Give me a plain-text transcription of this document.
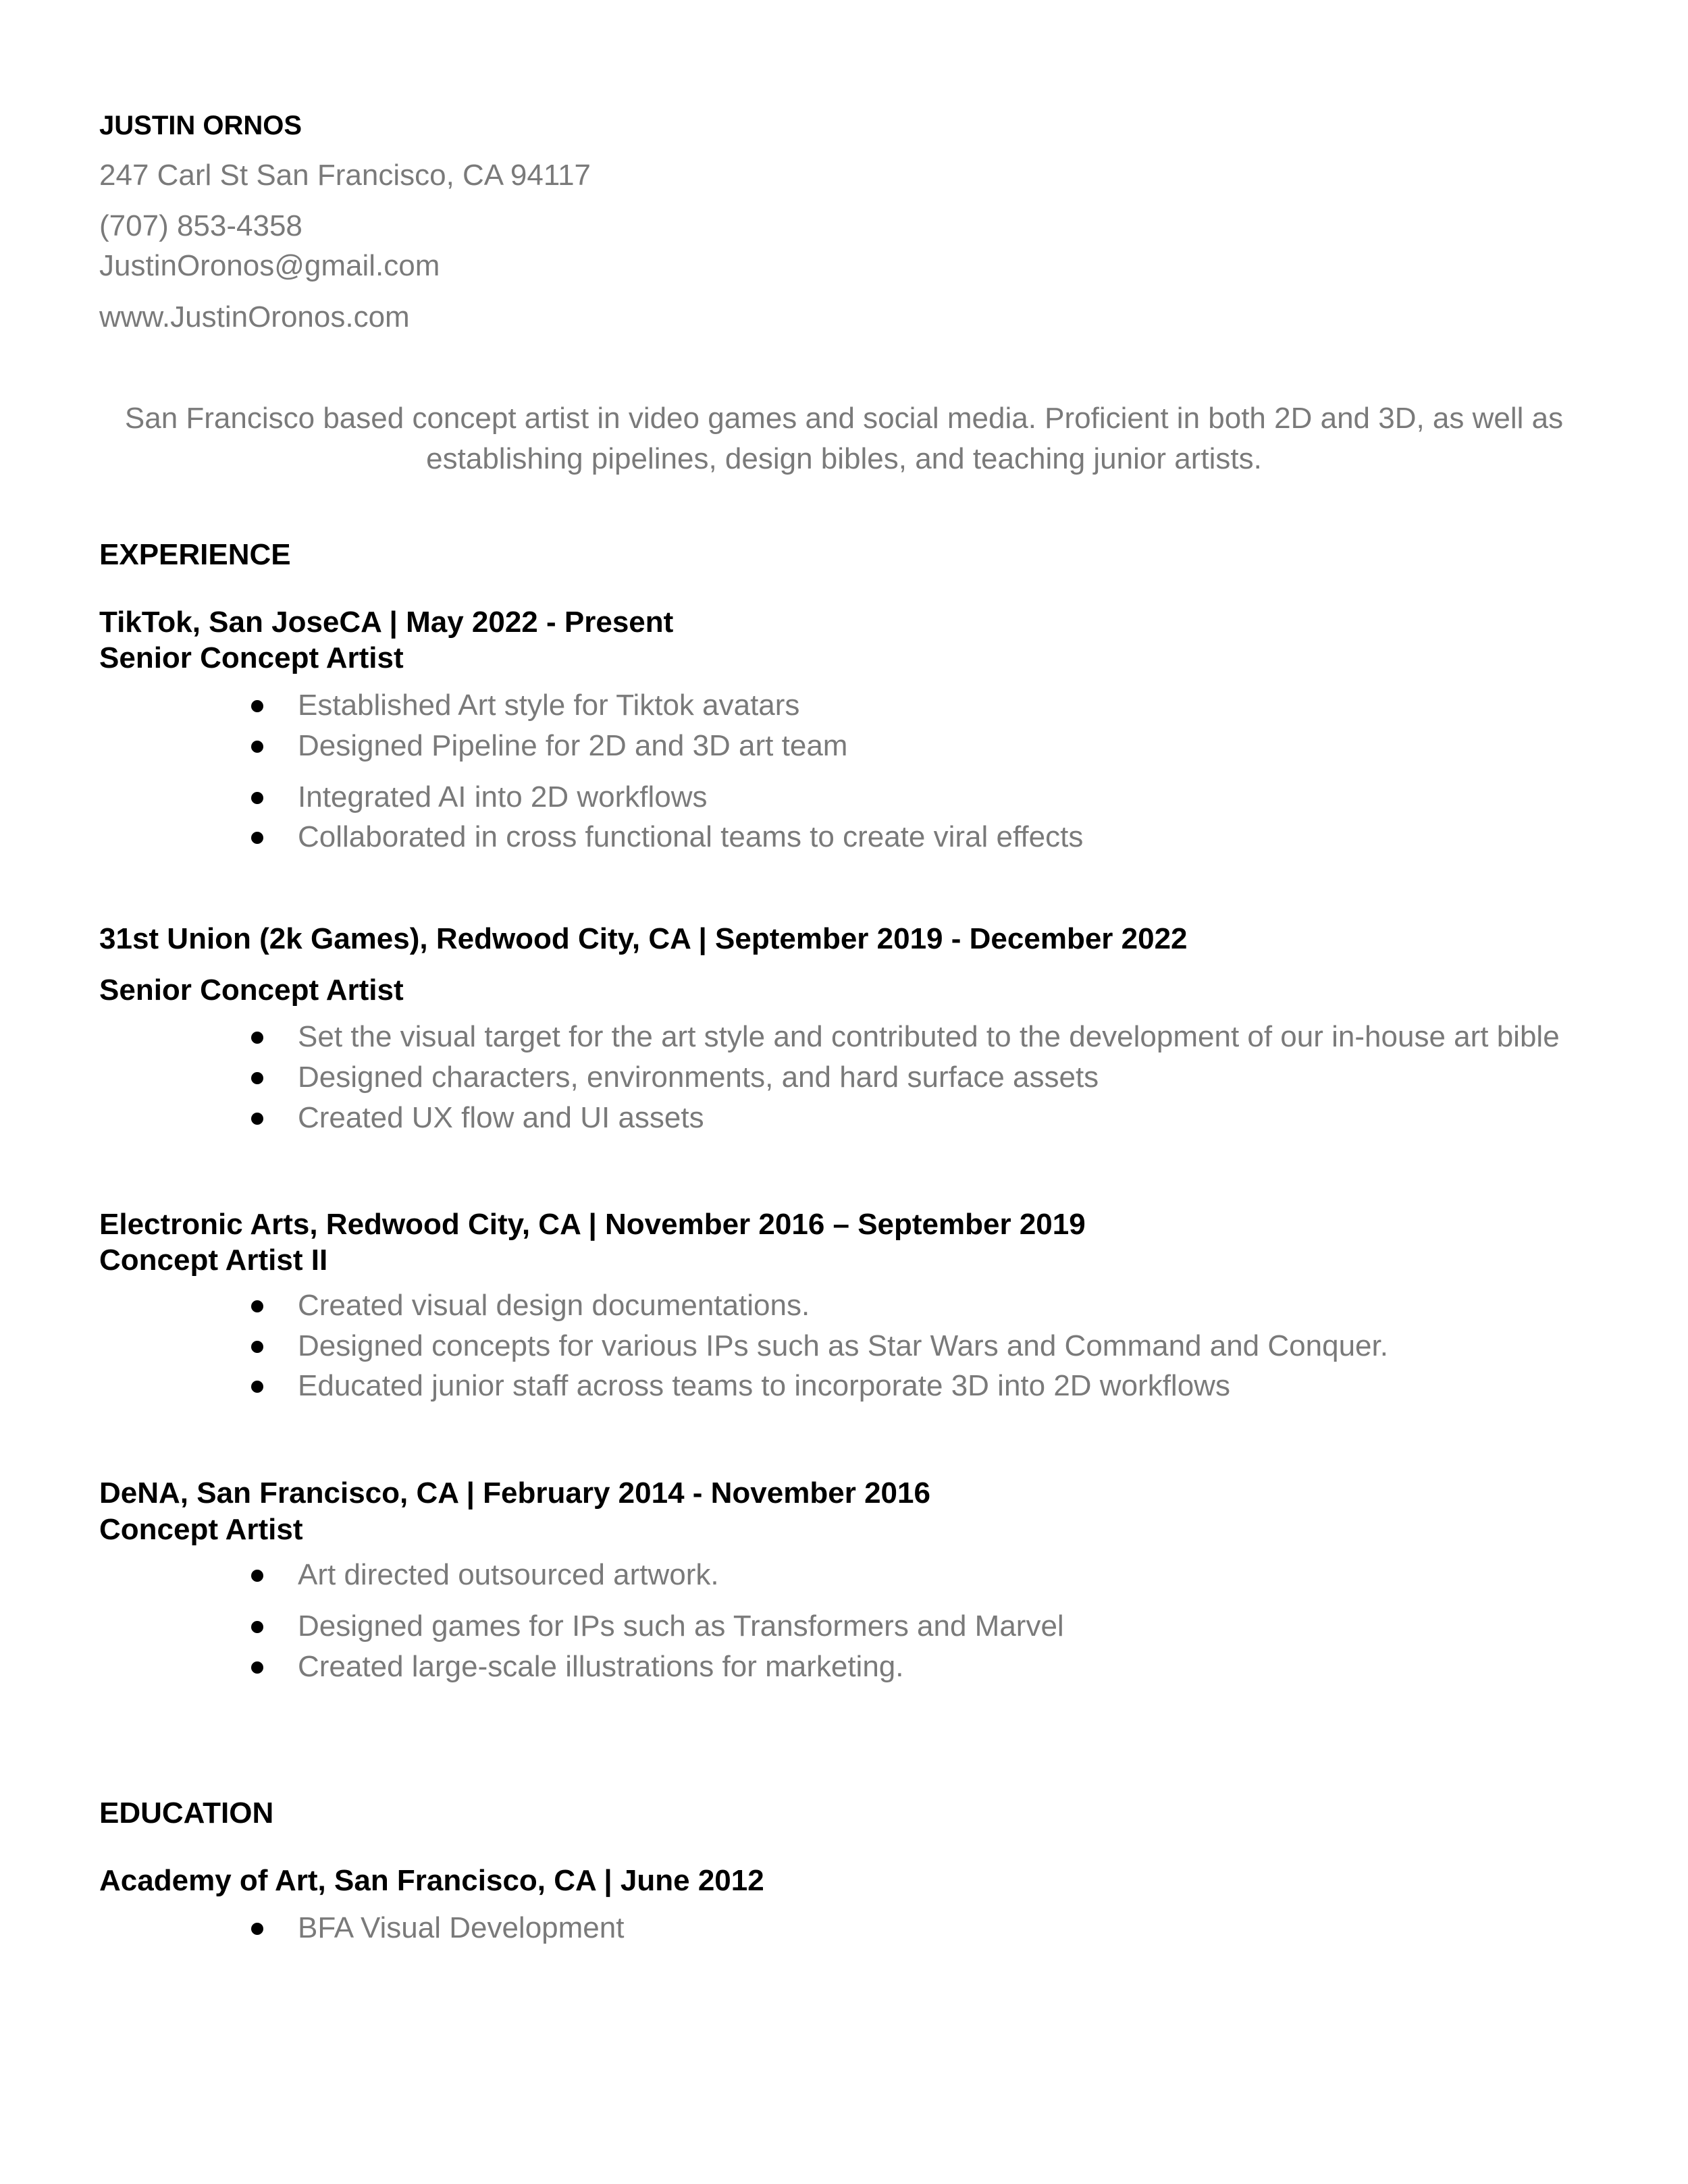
JUSTIN ORNOS
247 Carl St San Francisco, CA 94117
(707) 853-4358
JustinOronos@gmail.com
www.JustinOronos.com
San Francisco based concept artist in video games and social media. Proficient in both 2D and 3D, as well as
establishing pipelines, design bibles, and teaching junior artists.
EXPERIENCE
TikTok, San JoseCA | May 2022 - Present
Senior Concept Artist
Established Art style for Tiktok avatars
Designed Pipeline for 2D and 3D art team
Integrated AI into 2D workflows
Collaborated in cross functional teams to create viral effects
31st Union (2k Games), Redwood City, CA | September 2019 - December 2022
Senior Concept Artist
Set the visual target for the art style and contributed to the development of our in-house art bible
Designed characters, environments, and hard surface assets
Created UX flow and UI assets
Electronic Arts, Redwood City, CA | November 2016 – September 2019
Concept Artist II
Created visual design documentations.
Designed concepts for various IPs such as Star Wars and Command and Conquer.
Educated junior staff across teams to incorporate 3D into 2D workflows
DeNA, San Francisco, CA | February 2014 - November 2016
Concept Artist
Art directed outsourced artwork.
Designed games for IPs such as Transformers and Marvel
Created large-scale illustrations for marketing.
EDUCATION
Academy of Art, San Francisco, CA | June 2012
BFA Visual Development
